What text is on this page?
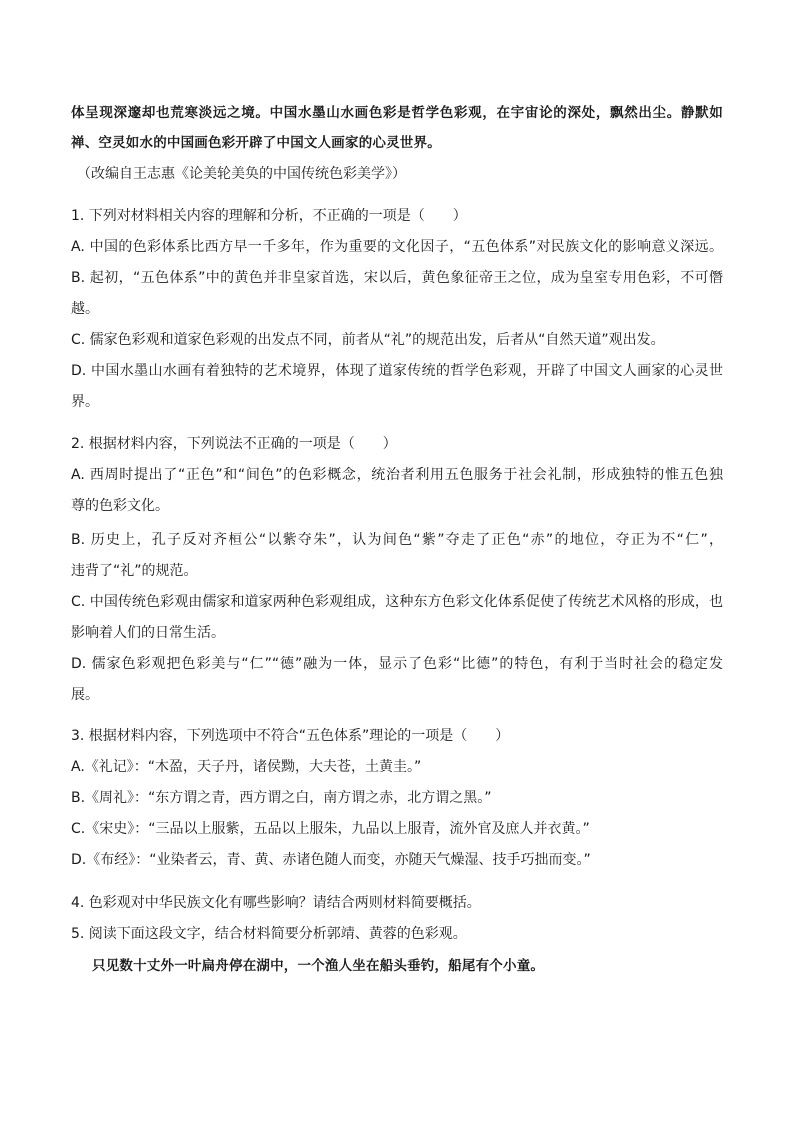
体呈现深邃却也荒寒淡远之境。中国水墨山水画色彩是哲学色彩观，在宇宙论的深处，飘然出尘。静默如
禅、空灵如水的中国画色彩开辟了中国文人画家的心灵世界。
（改编自王志惠《论美轮美奂的中国传统色彩美学》）
1. 下列对材料相关内容的理解和分析，不正确的一项是（　　）
A. 中国的色彩体系比西方早一千多年，作为重要的文化因子，“五色体系”对民族文化的影响意义深远。
B. 起初，“五色体系”中的黄色并非皇家首选，宋以后，黄色象征帝王之位，成为皇室专用色彩，不可僭
越。
C. 儒家色彩观和道家色彩观的出发点不同，前者从“礼”的规范出发，后者从“自然天道”观出发。
D. 中国水墨山水画有着独特的艺术境界，体现了道家传统的哲学色彩观，开辟了中国文人画家的心灵世
界。
2. 根据材料内容，下列说法不正确的一项是（　　）
A. 西周时提出了“正色”和“间色”的色彩概念，统治者利用五色服务于社会礼制，形成独特的惟五色独
尊的色彩文化。
B. 历史上，孔子反对齐桓公“以紫夺朱”，认为间色“紫”夺走了正色“赤”的地位，夺正为不“仁”，
违背了“礼”的规范。
C. 中国传统色彩观由儒家和道家两种色彩观组成，这种东方色彩文化体系促使了传统艺术风格的形成，也
影响着人们的日常生活。
D. 儒家色彩观把色彩美与“仁”“德”融为一体，显示了色彩“比德”的特色，有利于当时社会的稳定发
展。
3. 根据材料内容，下列选项中不符合“五色体系”理论的一项是（　　）
A.《礼记》：“木盈，天子丹，诸侯黝，大夫苍，土黄圭。”
B.《周礼》：“东方谓之青，西方谓之白，南方谓之赤，北方谓之黑。”
C.《宋史》：“三品以上服紫，五品以上服朱，九品以上服青，流外官及庶人并衣黄。”
D.《布经》：“业染者云，青、黄、赤诸色随人而变，亦随天气燥湿、技手巧拙而变。”
4. 色彩观对中华民族文化有哪些影响？请结合两则材料简要概括。
5. 阅读下面这段文字，结合材料简要分析郭靖、黄蓉的色彩观。
只见数十丈外一叶扁舟停在湖中，一个渔人坐在船头垂钓，船尾有个小童。
